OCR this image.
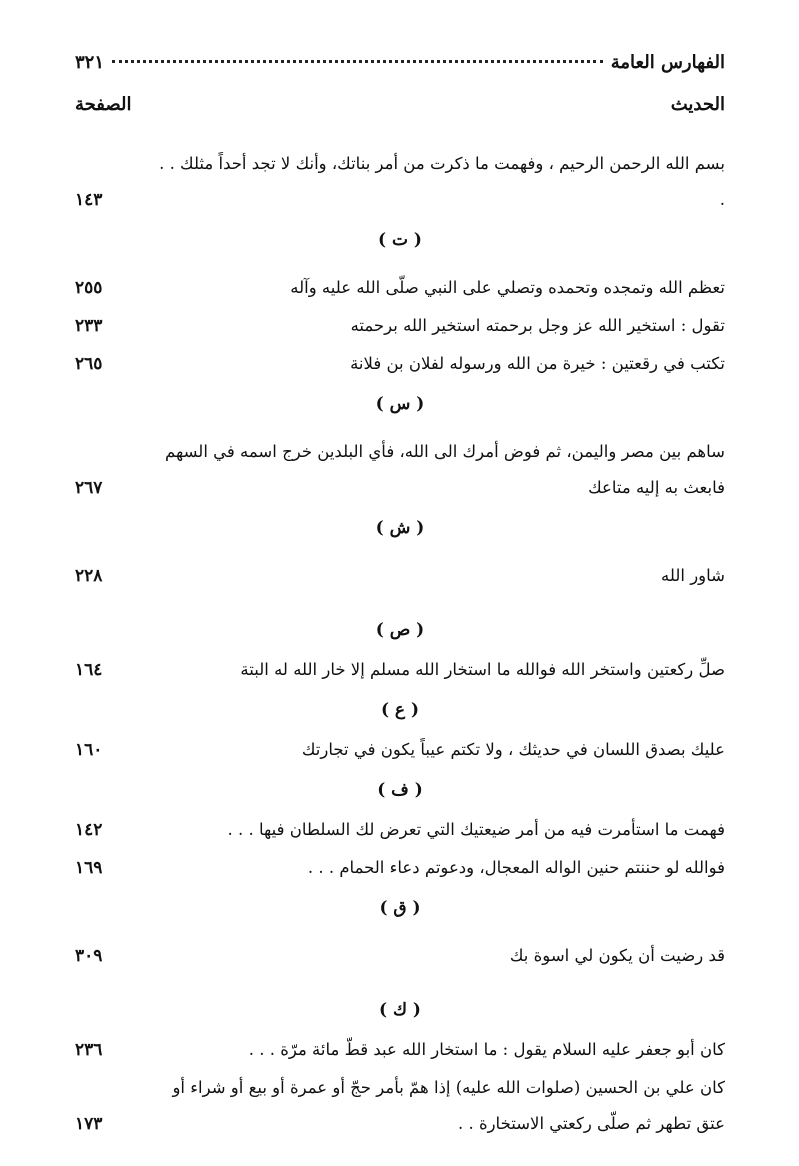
الفهارس العامة
٣٢١
الحديث
الصفحة
بسم الله الرحمن الرحيم ، وفهمت ما ذكرت من أمر بناتك، وأنك لا تجد أحداً مثلك . . .
١٤٣
( ت )
تعظم الله وتمجده وتحمده وتصلي على النبي صلّى الله عليه وآله
٢٥٥
تقول : استخير الله عز وجل برحمته استخير الله برحمته
٢٣٣
تكتب في رقعتين : خيرة من الله ورسوله لفلان بن فلانة
٢٦٥
( س )
ساهم بين مصر واليمن، ثم فوض أمرك الى الله، فأي البلدين خرج اسمه في السهم فابعث به إليه متاعك
٢٦٧
( ش )
شاور الله
٢٢٨
( ص )
صلِّ ركعتين واستخر الله فوالله ما استخار الله مسلم إلا خار الله له البتة
١٦٤
( ع )
عليك بصدق اللسان في حديثك ، ولا تكتم عيباً يكون في تجارتك
١٦٠
( ف )
فهمت ما استأمرت فيه من أمر ضيعتيك التي تعرض لك السلطان فيها . . .
١٤٢
فوالله لو حننتم حنين الواله المعجال، ودعوتم دعاء الحمام . . .
١٦٩
( ق )
قد رضيت أن يكون لي اسوة بك
٣٠٩
( ك )
كان أبو جعفر عليه السلام يقول : ما استخار الله عبد قطّ مائة مرّة . . .
٢٣٦
كان علي بن الحسين (صلوات الله عليه) إذا همّ بأمر حجّ أو عمرة أو بيع أو شراء أو عتق تطهر ثم صلّى ركعتي الاستخارة . .
١٧٣
